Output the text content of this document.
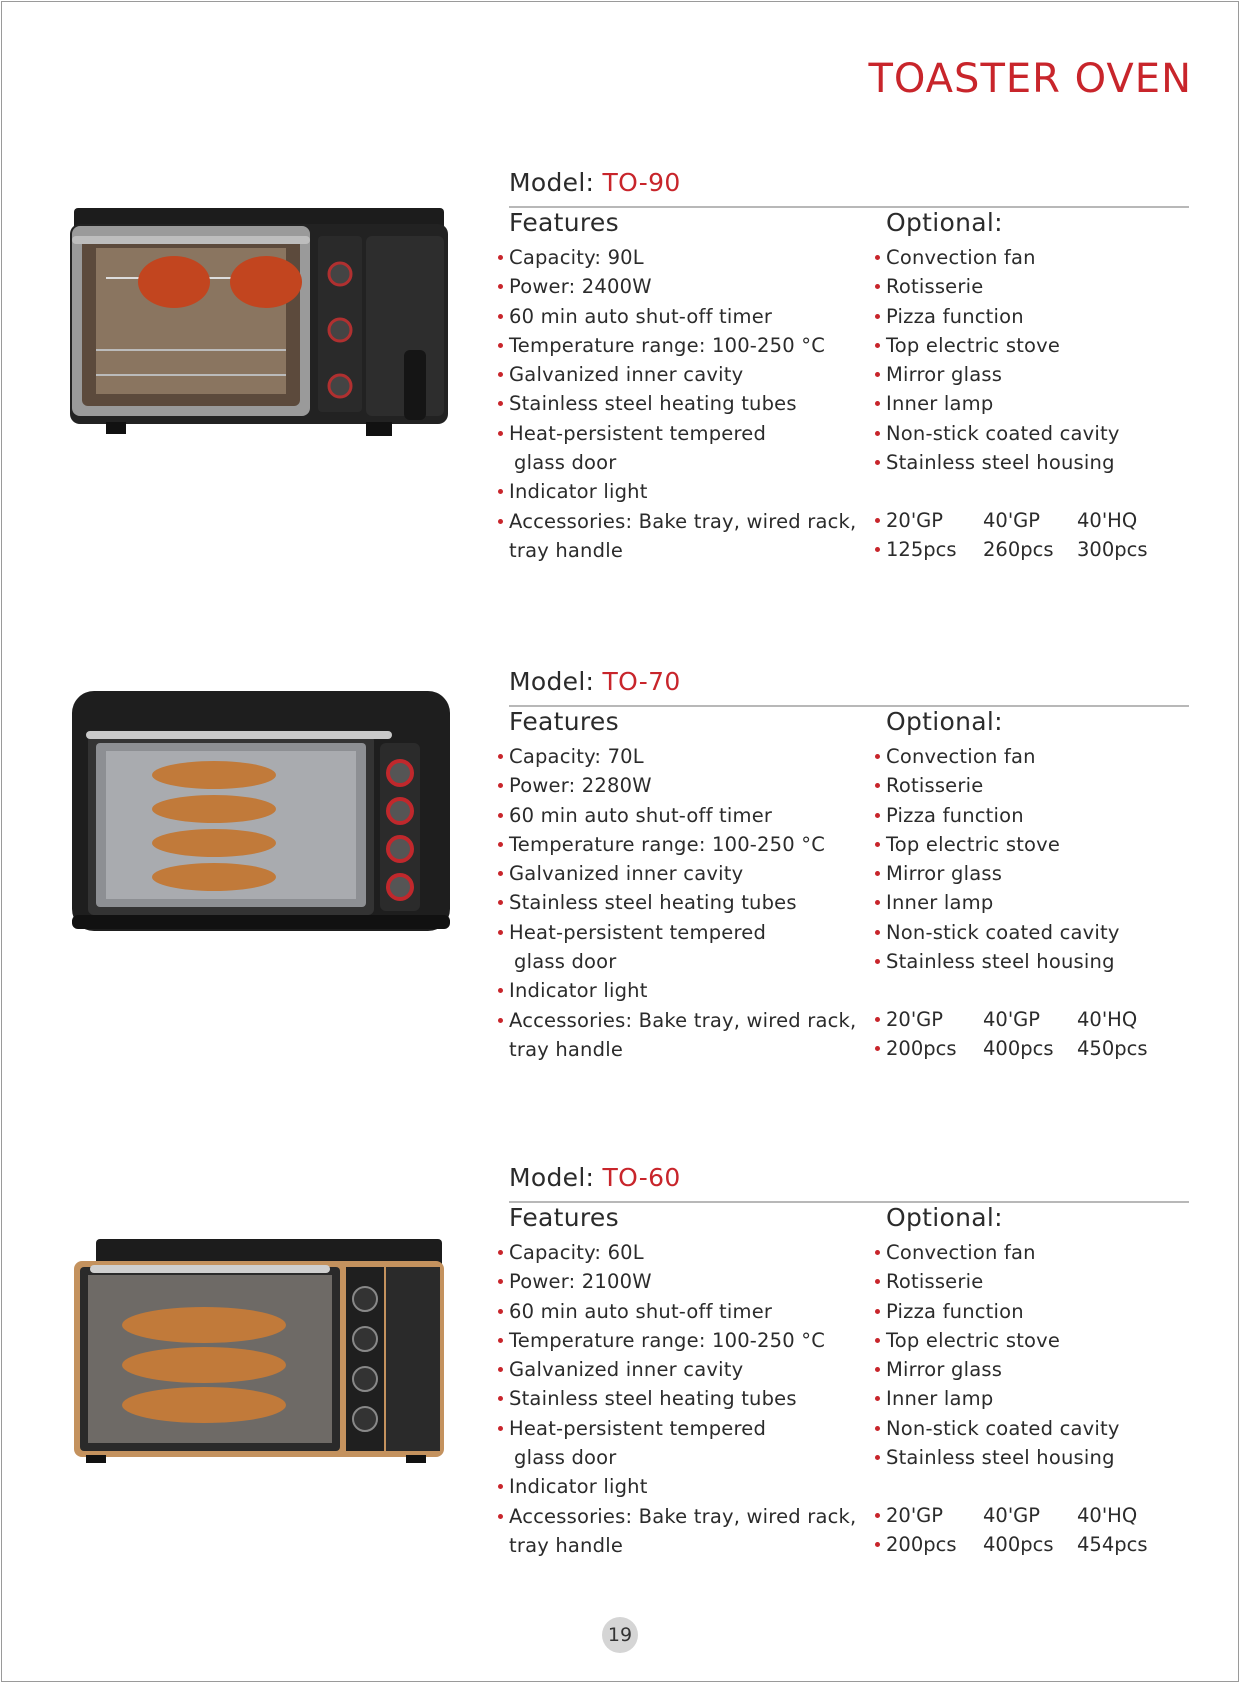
TOASTER OVEN
Model: TO-90
Features	Optional:
Capacity: 90L
Power: 2400W
60 min auto shut-off timer
Temperature range: 100-250 °C
Galvanized inner cavity
Stainless steel heating tubes
Heat-persistent tempered
glass door
Indicator light
Accessories: Bake tray, wired rack,
tray handle
Convection fan
Rotisserie
Pizza function
Top electric stove
Mirror glass
Inner lamp
Non-stick coated cavity
Stainless steel housing
20'GP 40'GP 40'HQ
125pcs 260pcs 300pcs
Model: TO-70
Features	Optional:
Capacity: 70L
Power: 2280W
60 min auto shut-off timer
Temperature range: 100-250 °C
Galvanized inner cavity
Stainless steel heating tubes
Heat-persistent tempered
glass door
Indicator light
Accessories: Bake tray, wired rack,
tray handle
Convection fan
Rotisserie
Pizza function
Top electric stove
Mirror glass
Inner lamp
Non-stick coated cavity
Stainless steel housing
20'GP 40'GP 40'HQ
200pcs 400pcs 450pcs
Model: TO-60
Features	Optional:
Capacity: 60L
Power: 2100W
60 min auto shut-off timer
Temperature range: 100-250 °C
Galvanized inner cavity
Stainless steel heating tubes
Heat-persistent tempered
glass door
Indicator light
Accessories: Bake tray, wired rack,
tray handle
Convection fan
Rotisserie
Pizza function
Top electric stove
Mirror glass
Inner lamp
Non-stick coated cavity
Stainless steel housing
20'GP 40'GP 40'HQ
200pcs 400pcs 454pcs
19
